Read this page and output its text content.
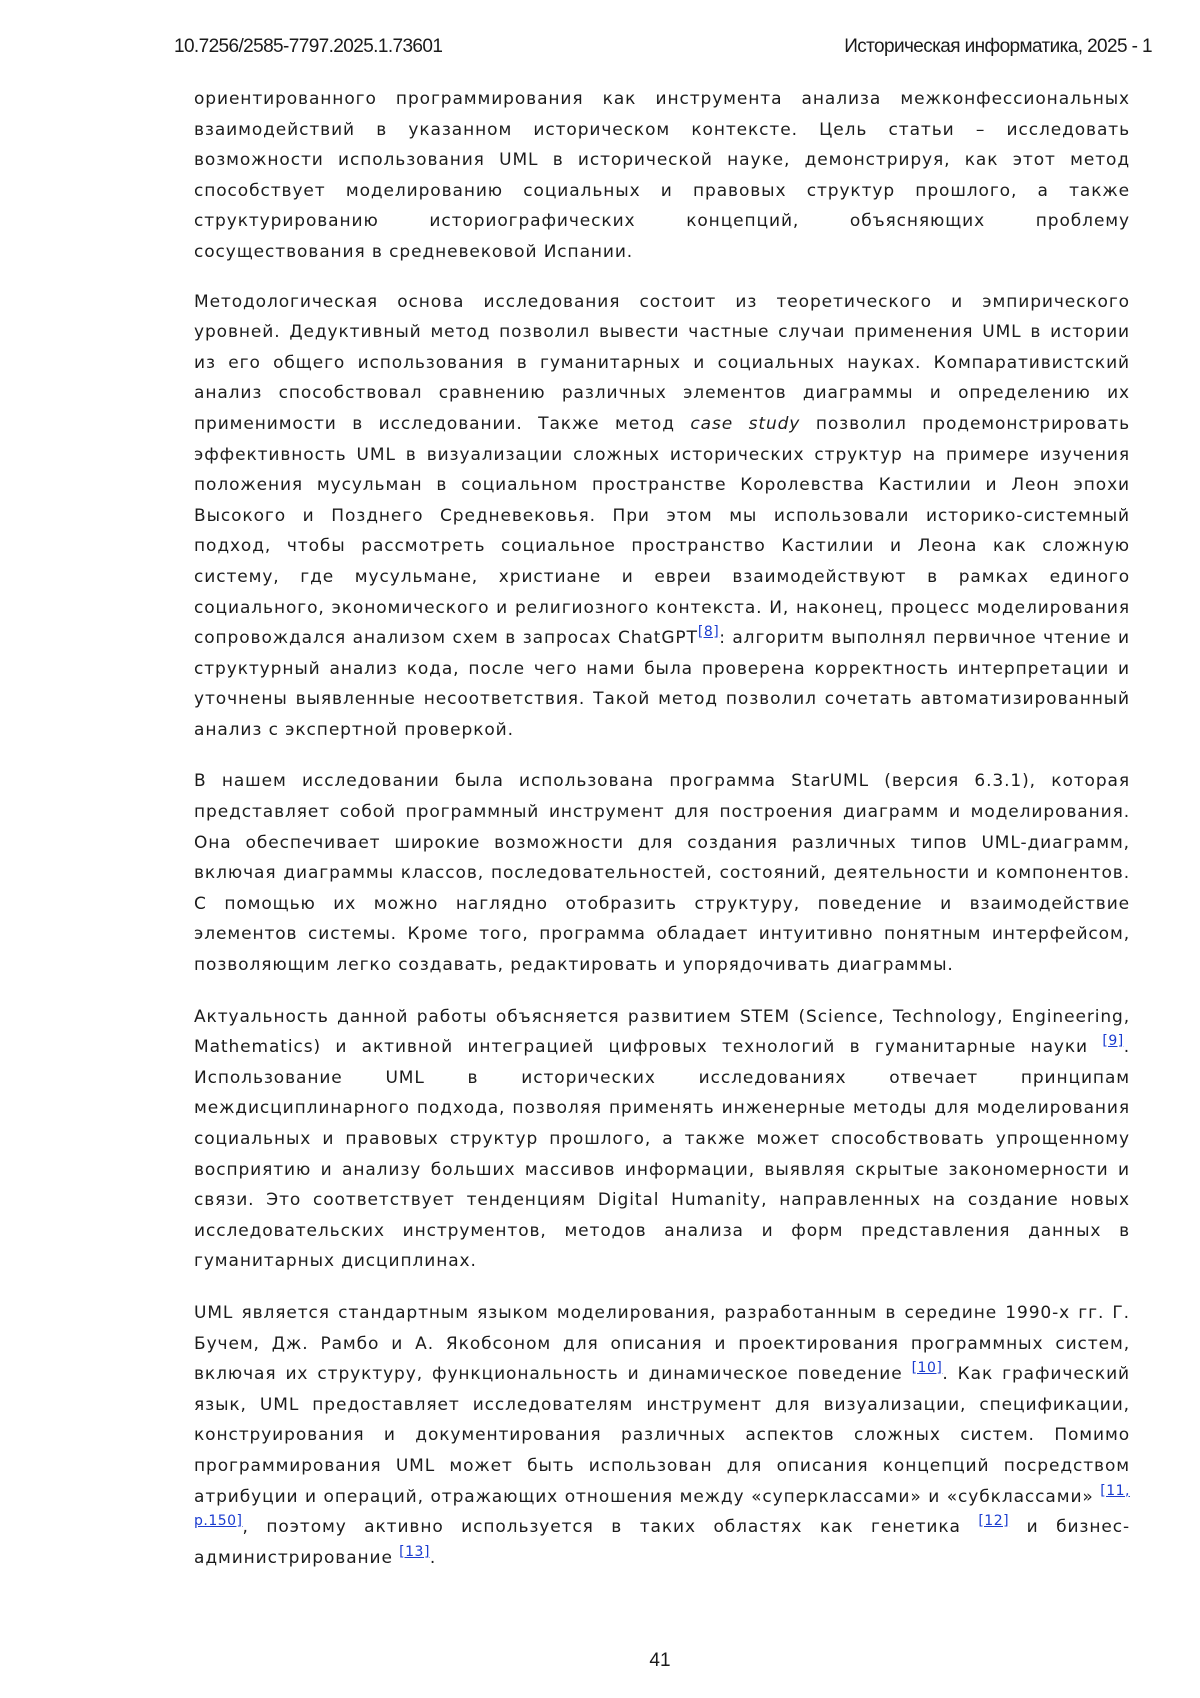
10.7256/2585-7797.2025.1.73601	Историческая информатика, 2025 - 1

ориентированного программирования как инструмента анализа межконфессиональных взаимодействий в указанном историческом контексте. Цель статьи – исследовать возможности использования UML в исторической науке, демонстрируя, как этот метод способствует моделированию социальных и правовых структур прошлого, а также структурированию историографических концепций, объясняющих проблему сосуществования в средневековой Испании.

Методологическая основа исследования состоит из теоретического и эмпирического уровней. Дедуктивный метод позволил вывести частные случаи применения UML в истории из его общего использования в гуманитарных и социальных науках. Компаративистский анализ способствовал сравнению различных элементов диаграммы и определению их применимости в исследовании. Также метод case study позволил продемонстрировать эффективность UML в визуализации сложных исторических структур на примере изучения положения мусульман в социальном пространстве Королевства Кастилии и Леон эпохи Высокого и Позднего Средневековья. При этом мы использовали историко-системный подход, чтобы рассмотреть социальное пространство Кастилии и Леона как сложную систему, где мусульмане, христиане и евреи взаимодействуют в рамках единого социального, экономического и религиозного контекста. И, наконец, процесс моделирования сопровождался анализом схем в запросах ChatGPT[8]: алгоритм выполнял первичное чтение и структурный анализ кода, после чего нами была проверена корректность интерпретации и уточнены выявленные несоответствия. Такой метод позволил сочетать автоматизированный анализ с экспертной проверкой.

В нашем исследовании была использована программа StarUML (версия 6.3.1), которая представляет собой программный инструмент для построения диаграмм и моделирования. Она обеспечивает широкие возможности для создания различных типов UML-диаграмм, включая диаграммы классов, последовательностей, состояний, деятельности и компонентов. С помощью их можно наглядно отобразить структуру, поведение и взаимодействие элементов системы. Кроме того, программа обладает интуитивно понятным интерфейсом, позволяющим легко создавать, редактировать и упорядочивать диаграммы.

Актуальность данной работы объясняется развитием STEM (Science, Technology, Engineering, Mathematics) и активной интеграцией цифровых технологий в гуманитарные науки [9]. Использование UML в исторических исследованиях отвечает принципам междисциплинарного подхода, позволяя применять инженерные методы для моделирования социальных и правовых структур прошлого, а также может способствовать упрощенному восприятию и анализу больших массивов информации, выявляя скрытые закономерности и связи. Это соответствует тенденциям Digital Humanity, направленных на создание новых исследовательских инструментов, методов анализа и форм представления данных в гуманитарных дисциплинах.

UML является стандартным языком моделирования, разработанным в середине 1990-х гг. Г. Бучем, Дж. Рамбо и А. Якобсоном для описания и проектирования программных систем, включая их структуру, функциональность и динамическое поведение [10]. Как графический язык, UML предоставляет исследователям инструмент для визуализации, спецификации, конструирования и документирования различных аспектов сложных систем. Помимо программирования UML может быть использован для описания концепций посредством атрибуции и операций, отражающих отношения между «суперклассами» и «субклассами» [11, p.150], поэтому активно используется в таких областях как генетика [12] и бизнес-администрирование [13].

41
